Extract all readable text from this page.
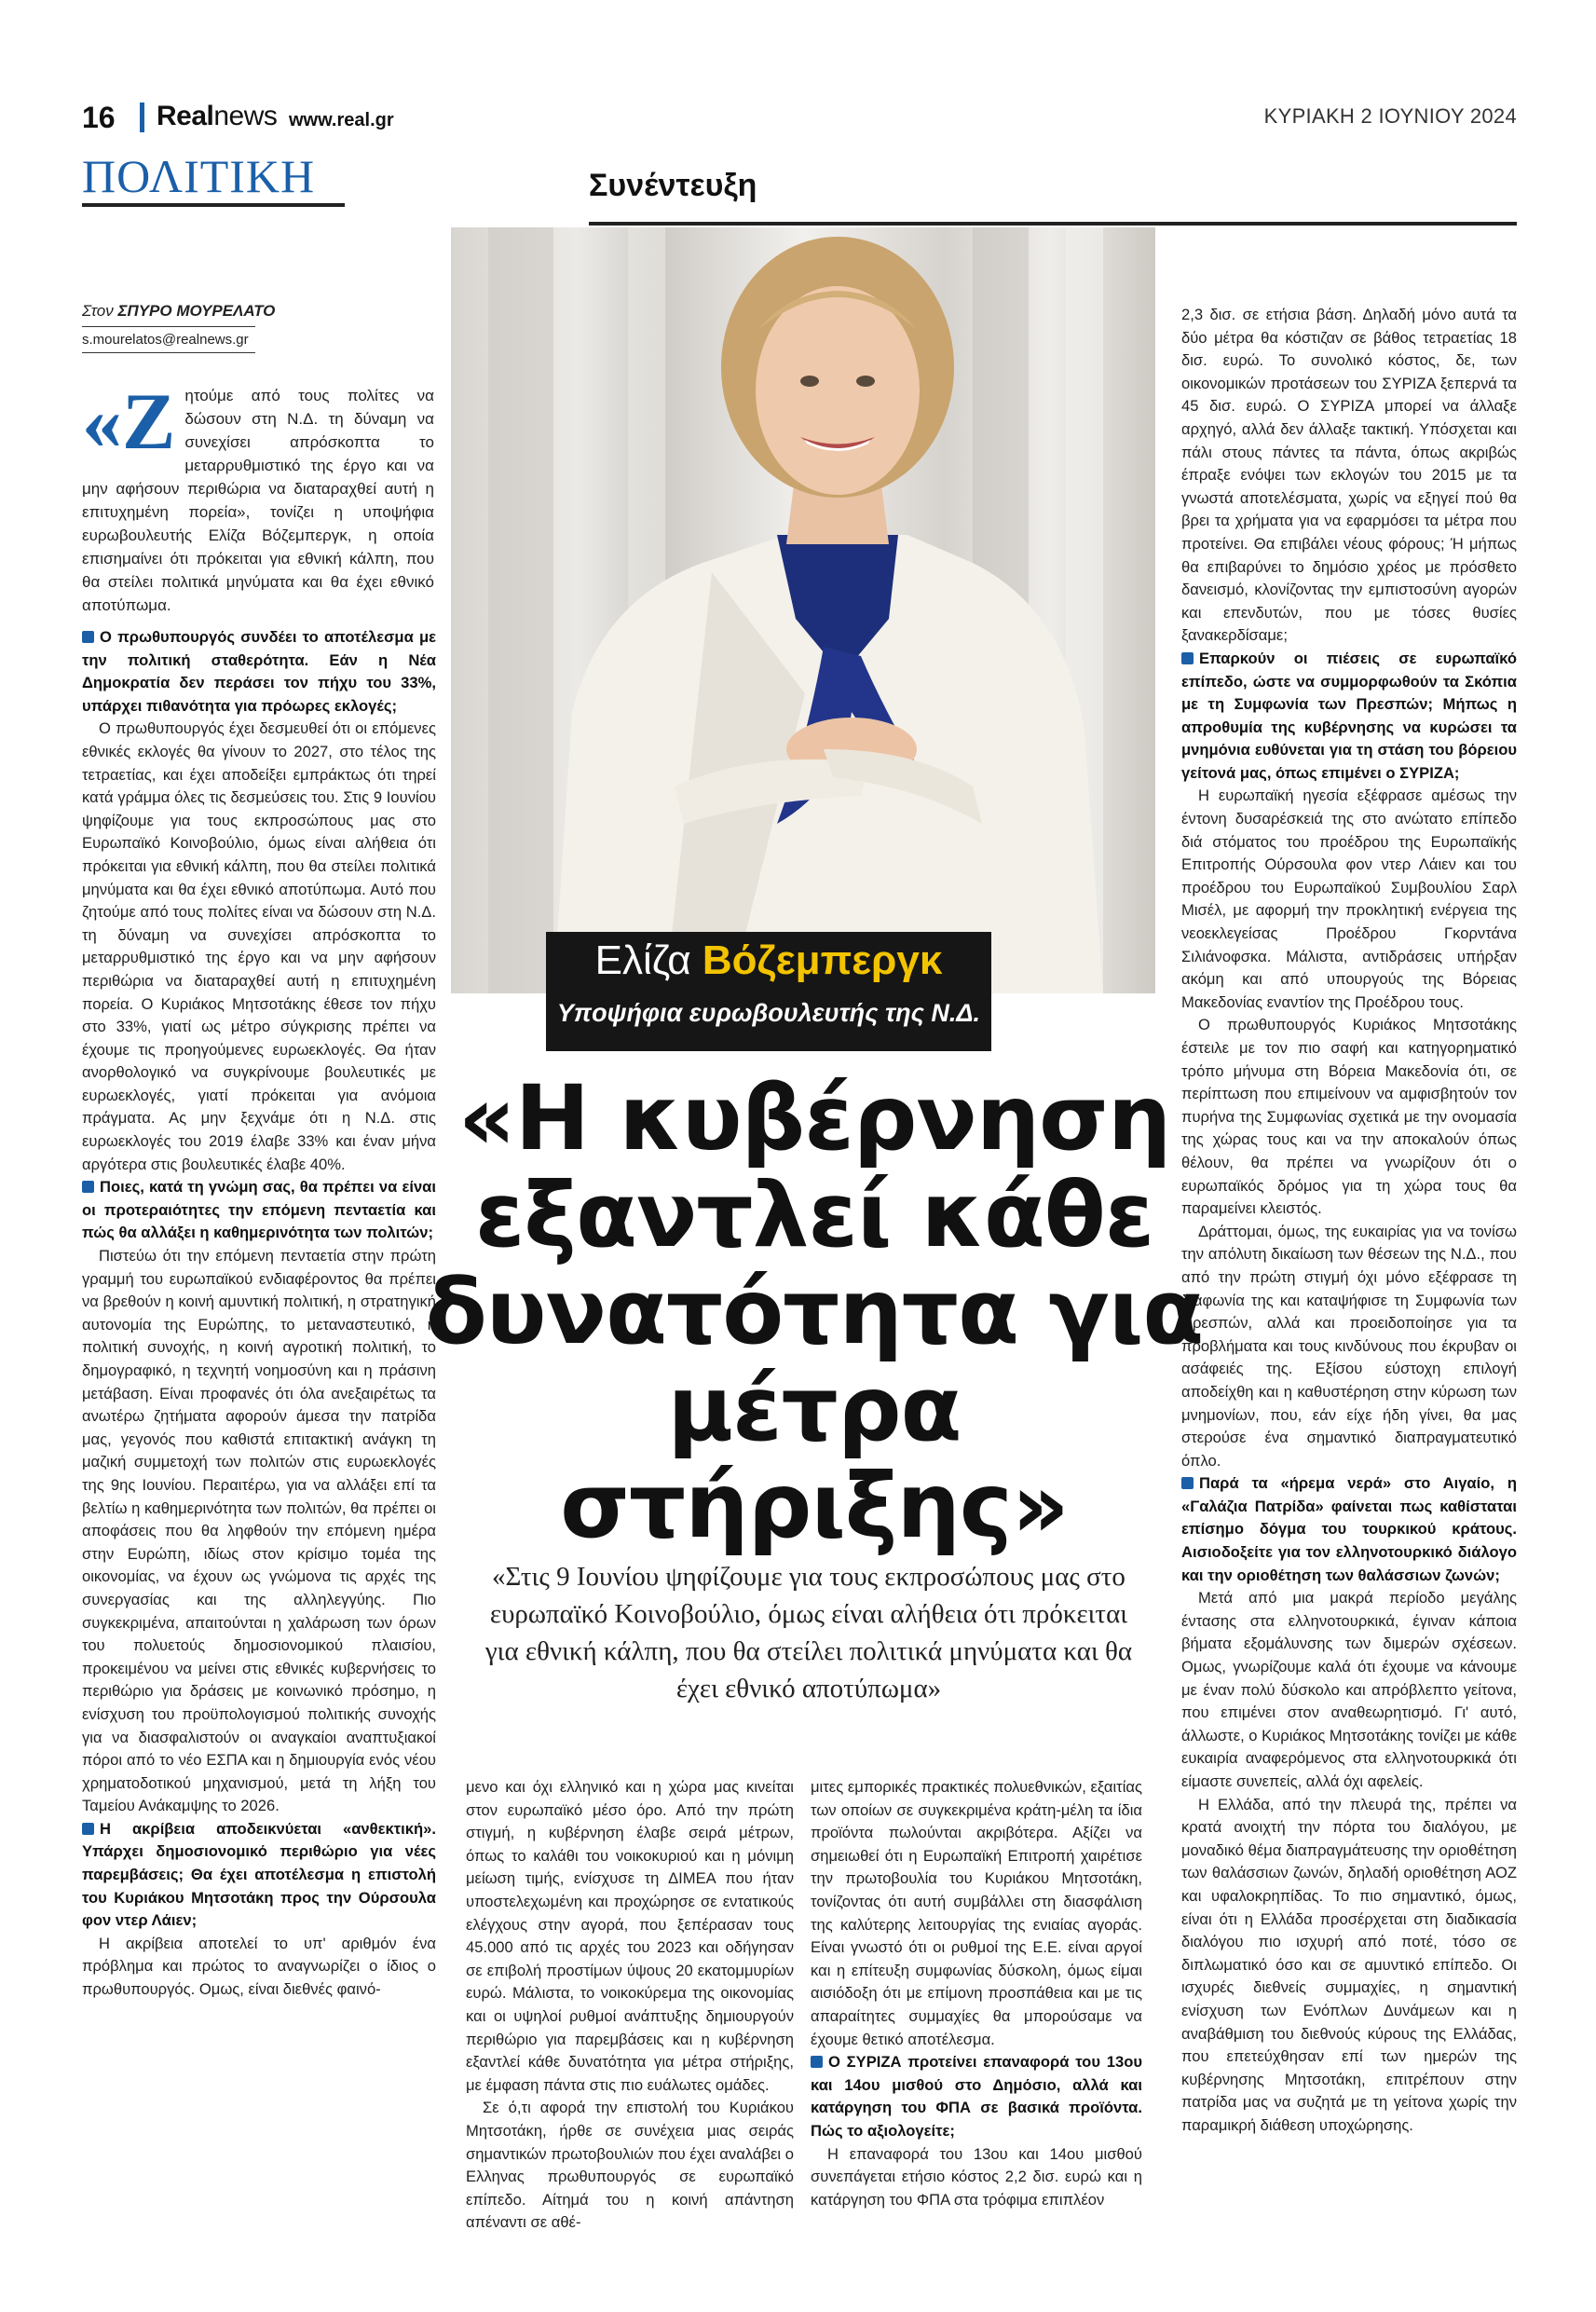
16 Realnews www.real.gr	ΚΥΡΙΑΚΗ 2 ΙΟΥΝΙΟΥ 2024
ΠΟΛΙΤΙΚΗ	Συνέντευξη
Στον ΣΠΥΡΟ ΜΟΥΡΕΛΑΤΟ
s.mourelatos@realnews.gr
«Ζ ητούμε από τους πολίτες να δώσουν στη Ν.Δ. τη δύναμη να συνεχίσει απρόσκοπτα το μεταρρυθμιστικό της έργο και να μην αφήσουν περιθώρια να διαταραχθεί αυτή η επιτυχημένη πορεία», τονίζει η υποψήφια ευρωβουλευτής Ελίζα Βόζεμπεργκ, η οποία επισημαίνει ότι πρόκειται για εθνική κάλπη, που θα στείλει πολιτικά μηνύματα και θα έχει εθνικό αποτύπωμα.

Ο πρωθυπουργός συνδέει το αποτέλεσμα με την πολιτική σταθερότητα. Εάν η Νέα Δημοκρατία δεν περάσει τον πήχυ του 33%, υπάρχει πιθανότητα για πρόωρες εκλογές;

Ο πρωθυπουργός έχει δεσμευθεί ότι οι επόμενες εθνικές εκλογές θα γίνουν το 2027, στο τέλος της τετραετίας, και έχει αποδείξει εμπράκτως ότι τηρεί κατά γράμμα όλες τις δεσμεύσεις του. Στις 9 Ιουνίου ψηφίζουμε για τους εκπροσώπους μας στο Ευρωπαϊκό Κοινοβούλιο, όμως είναι αλήθεια ότι πρόκειται για εθνική κάλπη, που θα στείλει πολιτικά μηνύματα και θα έχει εθνικό αποτύπωμα. Αυτό που ζητούμε από τους πολίτες είναι να δώσουν στη Ν.Δ. τη δύναμη να συνεχίσει απρόσκοπτα το μεταρρυθμιστικό της έργο και να μην αφήσουν περιθώρια να διαταραχθεί αυτή η επιτυχημένη πορεία. Ο Κυριάκος Μητσοτάκης έθεσε τον πήχυ στο 33%, γιατί ως μέτρο σύγκρισης πρέπει να έχουμε τις προηγούμενες ευρωεκλογές. Θα ήταν ανορθολογικό να συγκρίνουμε βουλευτικές με ευρωεκλογές, γιατί πρόκειται για ανόμοια πράγματα. Ας μην ξεχνάμε ότι η Ν.Δ. στις ευρωεκλογές του 2019 έλαβε 33% και έναν μήνα αργότερα στις βουλευτικές έλαβε 40%.

Ποιες, κατά τη γνώμη σας, θα πρέπει να είναι οι προτεραιότητες την επόμενη πενταετία και πώς θα αλλάξει η καθημερινότητα των πολιτών;

Πιστεύω ότι την επόμενη πενταετία στην πρώτη γραμμή του ευρωπαϊκού ενδιαφέροντος θα πρέπει να βρεθούν η κοινή αμυντική πολιτική, η στρατηγική αυτονομία της Ευρώπης, το μεταναστευτικό, η πολιτική συνοχής, η κοινή αγροτική πολιτική, το δημογραφικό, η τεχνητή νοημοσύνη και η πράσινη μετάβαση. Είναι προφανές ότι όλα ανεξαιρέτως τα ανωτέρω ζητήματα αφορούν άμεσα την πατρίδα μας, γεγονός που καθιστά επιτακτική ανάγκη τη μαζική συμμετοχή των πολιτών στις ευρωεκλογές της 9ης Ιουνίου. Περαιτέρω, για να αλλάξει επί τα βελτίω η καθημερινότητα των πολιτών, θα πρέπει οι αποφάσεις που θα ληφθούν την επόμενη ημέρα στην Ευρώπη, ιδίως στον κρίσιμο τομέα της οικονομίας, να έχουν ως γνώμονα τις αρχές της συνεργασίας και της αλληλεγγύης. Πιο συγκεκριμένα, απαιτούνται η χαλάρωση των όρων του πολυετούς δημοσιονομικού πλαισίου, προκειμένου να μείνει στις εθνικές κυβερνήσεις το περιθώριο για δράσεις με κοινωνικό πρόσημο, η ενίσχυση του προϋπολογισμού πολιτικής συνοχής για να διασφαλιστούν οι αναγκαίοι αναπτυξιακοί πόροι από το νέο ΕΣΠΑ και η δημιουργία ενός νέου χρηματοδοτικού μηχανισμού, μετά τη λήξη του Ταμείου Ανάκαμψης το 2026.

Η ακρίβεια αποδεικνύεται «ανθεκτική». Υπάρχει δημοσιονομικό περιθώριο για νέες παρεμβάσεις; Θα έχει αποτέλεσμα η επιστολή του Κυριάκου Μητσοτάκη προς την Ούρσουλα φον ντερ Λάιεν;

Η ακρίβεια αποτελεί το υπ' αριθμόν ένα πρόβλημα και πρώτος το αναγνωρίζει ο ίδιος ο πρωθυπουργός. Ομως, είναι διεθνές φαινό-

μενο και όχι ελληνικό και η χώρα μας κινείται στον ευρωπαϊκό μέσο όρο. Από την πρώτη στιγμή, η κυβέρνηση έλαβε σειρά μέτρων, όπως το καλάθι του νοικοκυριού και η μόνιμη μείωση τιμής, ενίσχυσε τη ΔΙΜΕΑ που ήταν υποστελεχωμένη και προχώρησε σε εντατικούς ελέγχους στην αγορά, που ξεπέρασαν τους 45.000 από τις αρχές του 2023 και οδήγησαν σε επιβολή προστίμων ύψους 20 εκατομμυρίων ευρώ. Μάλιστα, το νοικοκύρεμα της οικονομίας και οι υψηλοί ρυθμοί ανάπτυξης δημιουργούν περιθώριο για παρεμβάσεις και η κυβέρνηση εξαντλεί κάθε δυνατότητα για μέτρα στήριξης, με έμφαση πάντα στις πιο ευάλωτες ομάδες.

Σε ό,τι αφορά την επιστολή του Κυριάκου Μητσοτάκη, ήρθε σε συνέχεια μιας σειράς σημαντικών πρωτοβουλιών που έχει αναλάβει ο Ελληνας πρωθυπουργός σε ευρωπαϊκό επίπεδο. Αίτημά του η κοινή απάντηση απέναντι σε αθέ-

μιτες εμπορικές πρακτικές πολυεθνικών, εξαιτίας των οποίων σε συγκεκριμένα κράτη-μέλη τα ίδια προϊόντα πωλούνται ακριβότερα. Αξίζει να σημειωθεί ότι η Ευρωπαϊκή Επιτροπή χαιρέτισε την πρωτοβουλία του Κυριάκου Μητσοτάκη, τονίζοντας ότι αυτή συμβάλλει στη διασφάλιση της καλύτερης λειτουργίας της ενιαίας αγοράς. Είναι γνωστό ότι οι ρυθμοί της Ε.Ε. είναι αργοί και η επίτευξη συμφωνίας δύσκολη, όμως είμαι αισιόδοξη ότι με επίμονη προσπάθεια και με τις απαραίτητες συμμαχίες θα μπορούσαμε να έχουμε θετικό αποτέλεσμα.

Ο ΣΥΡΙΖΑ προτείνει επαναφορά του 13ου και 14ου μισθού στο Δημόσιο, αλλά και κατάργηση του ΦΠΑ σε βασικά προϊόντα. Πώς το αξιολογείτε;

Η επαναφορά του 13ου και 14ου μισθού συνεπάγεται ετήσιο κόστος 2,2 δισ. ευρώ και η κατάργηση του ΦΠΑ στα τρόφιμα επιπλέον

2,3 δισ. σε ετήσια βάση. Δηλαδή μόνο αυτά τα δύο μέτρα θα κόστιζαν σε βάθος τετραετίας 18 δισ. ευρώ. Το συνολικό κόστος, δε, των οικονομικών προτάσεων του ΣΥΡΙΖΑ ξεπερνά τα 45 δισ. ευρώ. Ο ΣΥΡΙΖΑ μπορεί να άλλαξε αρχηγό, αλλά δεν άλλαξε τακτική. Υπόσχεται και πάλι στους πάντες τα πάντα, όπως ακριβώς έπραξε ενόψει των εκλογών του 2015 με τα γνωστά αποτελέσματα, χωρίς να εξηγεί πού θα βρει τα χρήματα για να εφαρμόσει τα μέτρα που προτείνει. Θα επιβάλει νέους φόρους; Ή μήπως θα επιβαρύνει το δημόσιο χρέος με πρόσθετο δανεισμό, κλονίζοντας την εμπιστοσύνη αγορών και επενδυτών, που με τόσες θυσίες ξανακερδίσαμε;

Επαρκούν οι πιέσεις σε ευρωπαϊκό επίπεδο, ώστε να συμμορφωθούν τα Σκόπια με τη Συμφωνία των Πρεσπών; Μήπως η απροθυμία της κυβέρνησης να κυρώσει τα μνημόνια ευθύνεται για τη στάση του βόρειου γείτονά μας, όπως επιμένει ο ΣΥΡΙΖΑ;

Η ευρωπαϊκή ηγεσία εξέφρασε αμέσως την έντονη δυσαρέσκειά της στο ανώτατο επίπεδο διά στόματος του προέδρου της Ευρωπαϊκής Επιτροπής Ούρσουλα φον ντερ Λάιεν και του προέδρου του Ευρωπαϊκού Συμβουλίου Σαρλ Μισέλ, με αφορμή την προκλητική ενέργεια της νεοεκλεγείσας Προέδρου Γκορντάνα Σιλιάνοφσκα. Μάλιστα, αντιδράσεις υπήρξαν ακόμη και από υπουργούς της Βόρειας Μακεδονίας εναντίον της Προέδρου τους.

Ο πρωθυπουργός Κυριάκος Μητσοτάκης έστειλε με τον πιο σαφή και κατηγορηματικό τρόπο μήνυμα στη Βόρεια Μακεδονία ότι, σε περίπτωση που επιμείνουν να αμφισβητούν τον πυρήνα της Συμφωνίας σχετικά με την ονομασία της χώρας τους και να την αποκαλούν όπως θέλουν, θα πρέπει να γνωρίζουν ότι ο ευρωπαϊκός δρόμος για τη χώρα τους θα παραμείνει κλειστός.

Δράττομαι, όμως, της ευκαιρίας για να τονίσω την απόλυτη δικαίωση των θέσεων της Ν.Δ., που από την πρώτη στιγμή όχι μόνο εξέφρασε τη διαφωνία της και καταψήφισε τη Συμφωνία των Πρεσπών, αλλά και προειδοποίησε για τα προβλήματα και τους κινδύνους που έκρυβαν οι ασάφειές της. Εξίσου εύστοχη επιλογή αποδείχθη και η καθυστέρηση στην κύρωση των μνημονίων, που, εάν είχε ήδη γίνει, θα μας στερούσε ένα σημαντικό διαπραγματευτικό όπλο.

Παρά τα «ήρεμα νερά» στο Αιγαίο, η «Γαλάζια Πατρίδα» φαίνεται πως καθίσταται επίσημο δόγμα του τουρκικού κράτους. Αισιοδοξείτε για τον ελληνοτουρκικό διάλογο και την οριοθέτηση των θαλάσσιων ζωνών;

Μετά από μια μακρά περίοδο μεγάλης έντασης στα ελληνοτουρκικά, έγιναν κάποια βήματα εξομάλυνσης των διμερών σχέσεων. Ομως, γνωρίζουμε καλά ότι έχουμε να κάνουμε με έναν πολύ δύσκολο και απρόβλεπτο γείτονα, που επιμένει στον αναθεωρητισμό. Γι' αυτό, άλλωστε, ο Κυριάκος Μητσοτάκης τονίζει με κάθε ευκαιρία αναφερόμενος στα ελληνοτουρκικά ότι είμαστε συνεπείς, αλλά όχι αφελείς.

Η Ελλάδα, από την πλευρά της, πρέπει να κρατά ανοιχτή την πόρτα του διαλόγου, με μοναδικό θέμα διαπραγμάτευσης την οριοθέτηση των θαλάσσιων ζωνών, δηλαδή οριοθέτηση ΑΟΖ και υφαλοκρηπίδας. Το πιο σημαντικό, όμως, είναι ότι η Ελλάδα προσέρχεται στη διαδικασία διαλόγου πιο ισχυρή από ποτέ, τόσο σε διπλωματικό όσο και σε αμυντικό επίπεδο. Οι ισχυρές διεθνείς συμμαχίες, η σημαντική ενίσχυση των Ενόπλων Δυνάμεων και η αναβάθμιση του διεθνούς κύρους της Ελλάδας, που επετεύχθησαν επί των ημερών της κυβέρνησης Μητσοτάκη, επιτρέπουν στην πατρίδα μας να συζητά με τη γείτονα χωρίς την παραμικρή διάθεση υποχώρησης.

Ελίζα Βόζεμπεργκ
Υποψήφια ευρωβουλευτής της Ν.Δ.
«Η κυβέρνηση εξαντλεί κάθε δυνατότητα για μέτρα στήριξης»
«Στις 9 Ιουνίου ψηφίζουμε για τους εκπροσώπους μας στο ευρωπαϊκό Κοινοβούλιο, όμως είναι αλήθεια ότι πρόκειται για εθνική κάλπη, που θα στείλει πολιτικά μηνύματα και θα έχει εθνικό αποτύπωμα»
